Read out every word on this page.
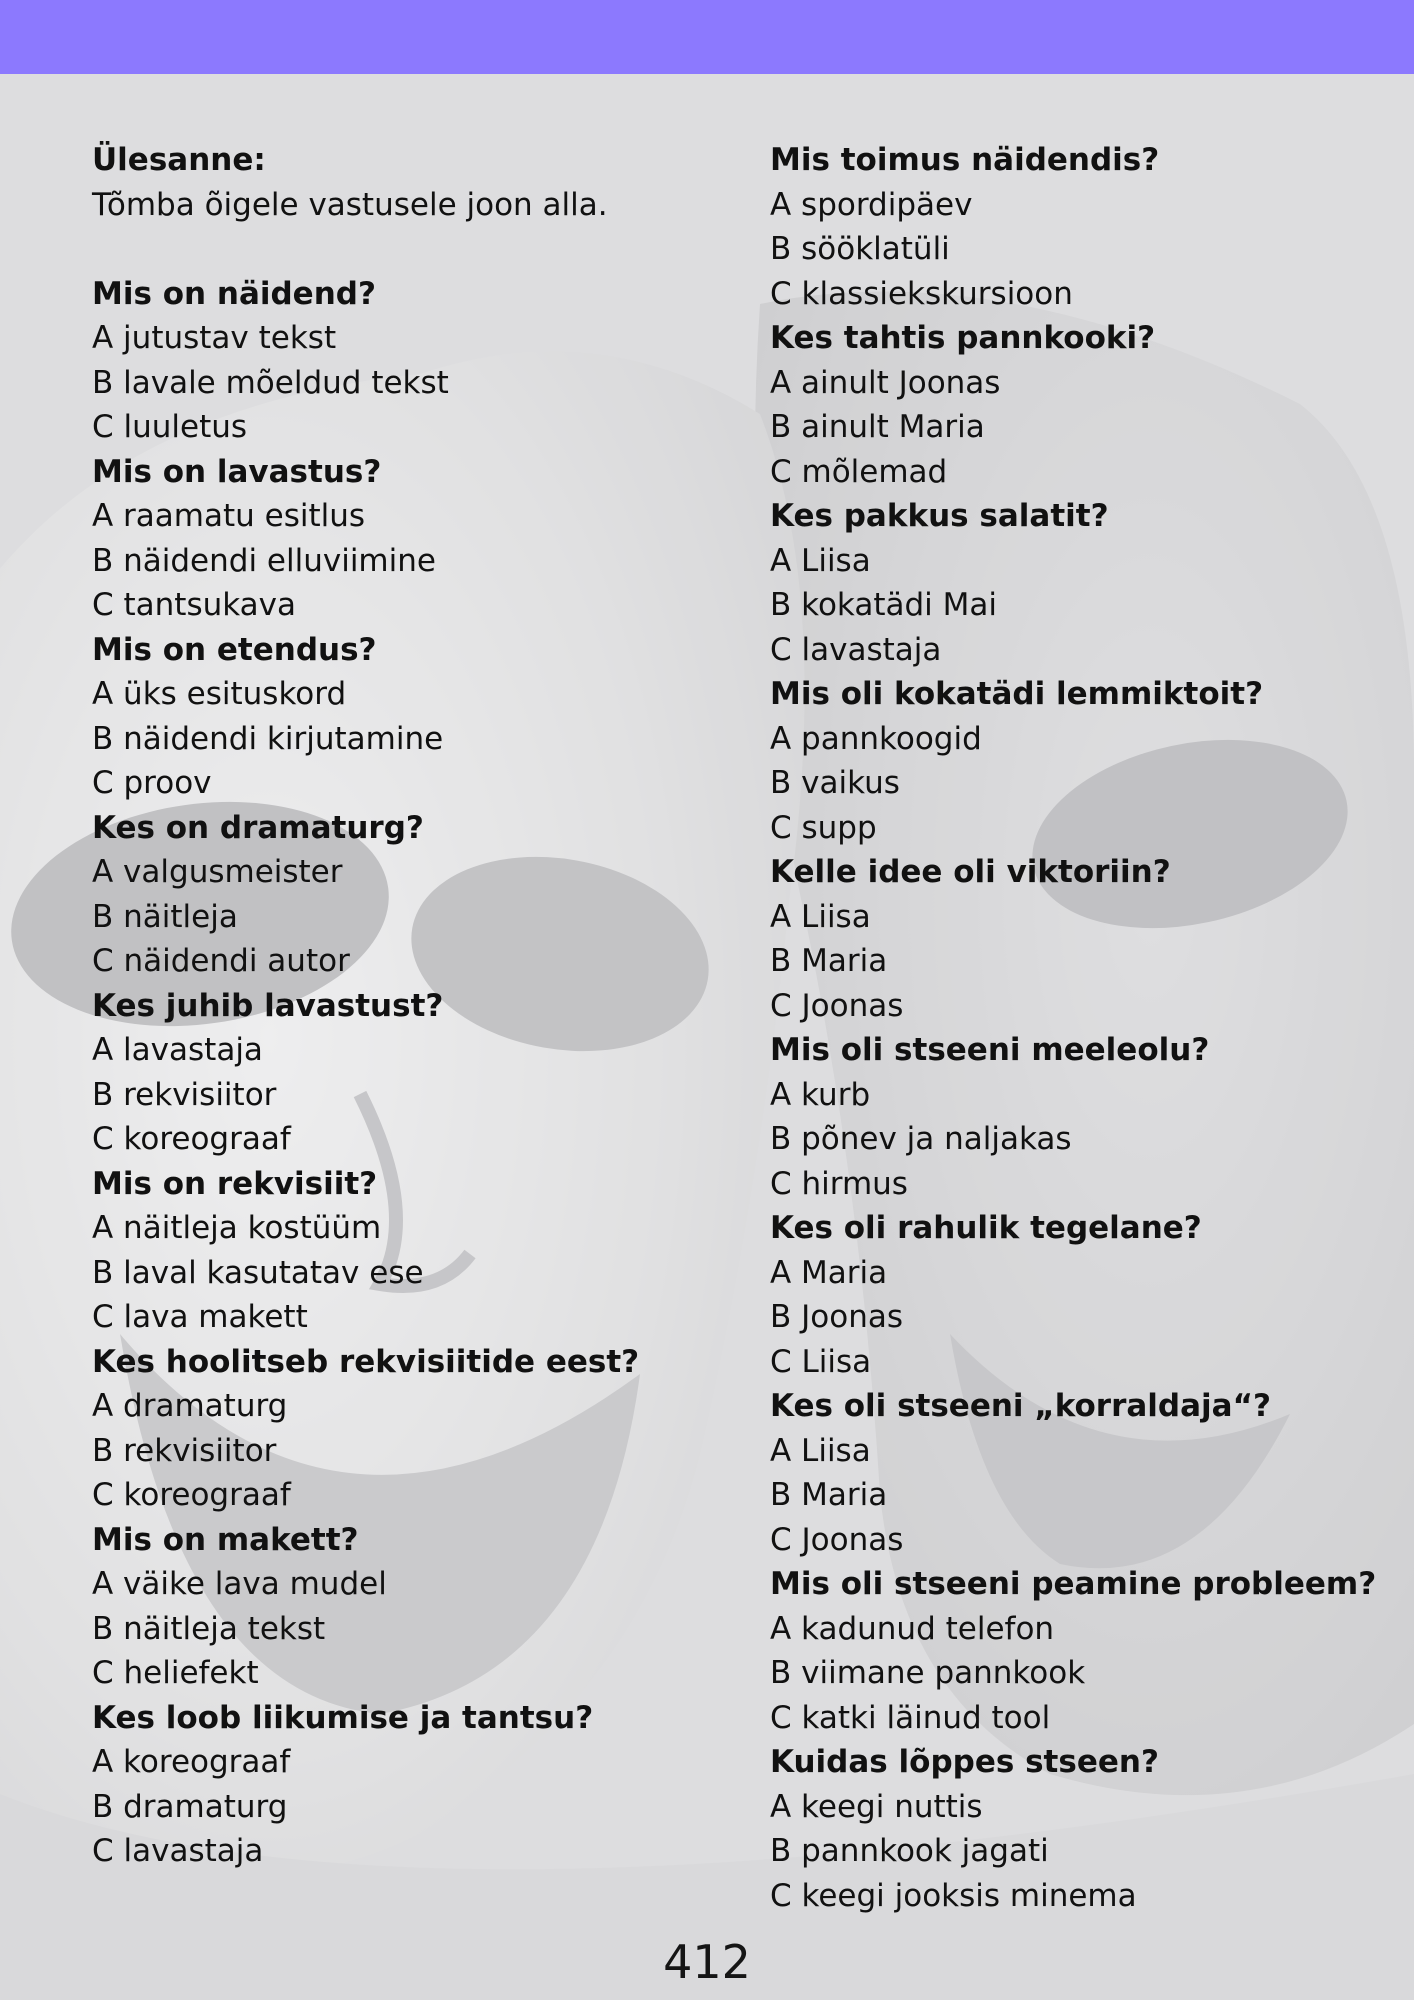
Ülesanne:
Tõmba õigele vastusele joon alla.
Mis on näidend?
A jutustav tekst
B lavale mõeldud tekst
C luuletus
Mis on lavastus?
A raamatu esitlus
B näidendi elluviimine
C tantsukava
Mis on etendus?
A üks esituskord
B näidendi kirjutamine
C proov
Kes on dramaturg?
A valgusmeister
B näitleja
C näidendi autor
Kes juhib lavastust?
A lavastaja
B rekvisiitor
C koreograaf
Mis on rekvisiit?
A näitleja kostüüm
B laval kasutatav ese
C lava makett
Kes hoolitseb rekvisiitide eest?
A dramaturg
B rekvisiitor
C koreograaf
Mis on makett?
A väike lava mudel
B näitleja tekst
C heliefekt
Kes loob liikumise ja tantsu?
A koreograaf
B dramaturg
C lavastaja
Mis toimus näidendis?
A spordipäev
B sööklatüli
C klassiekskursioon
Kes tahtis pannkooki?
A ainult Joonas
B ainult Maria
C mõlemad
Kes pakkus salatit?
A Liisa
B kokatädi Mai
C lavastaja
Mis oli kokatädi lemmiktoit?
A pannkoogid
B vaikus
C supp
Kelle idee oli viktoriin?
A Liisa
B Maria
C Joonas
Mis oli stseeni meeleolu?
A kurb
B põnev ja naljakas
C hirmus
Kes oli rahulik tegelane?
A Maria
B Joonas
C Liisa
Kes oli stseeni „korraldaja“?
A Liisa
B Maria
C Joonas
Mis oli stseeni peamine probleem?
A kadunud telefon
B viimane pannkook
C katki läinud tool
Kuidas lõppes stseen?
A keegi nuttis
B pannkook jagati
C keegi jooksis minema
412
